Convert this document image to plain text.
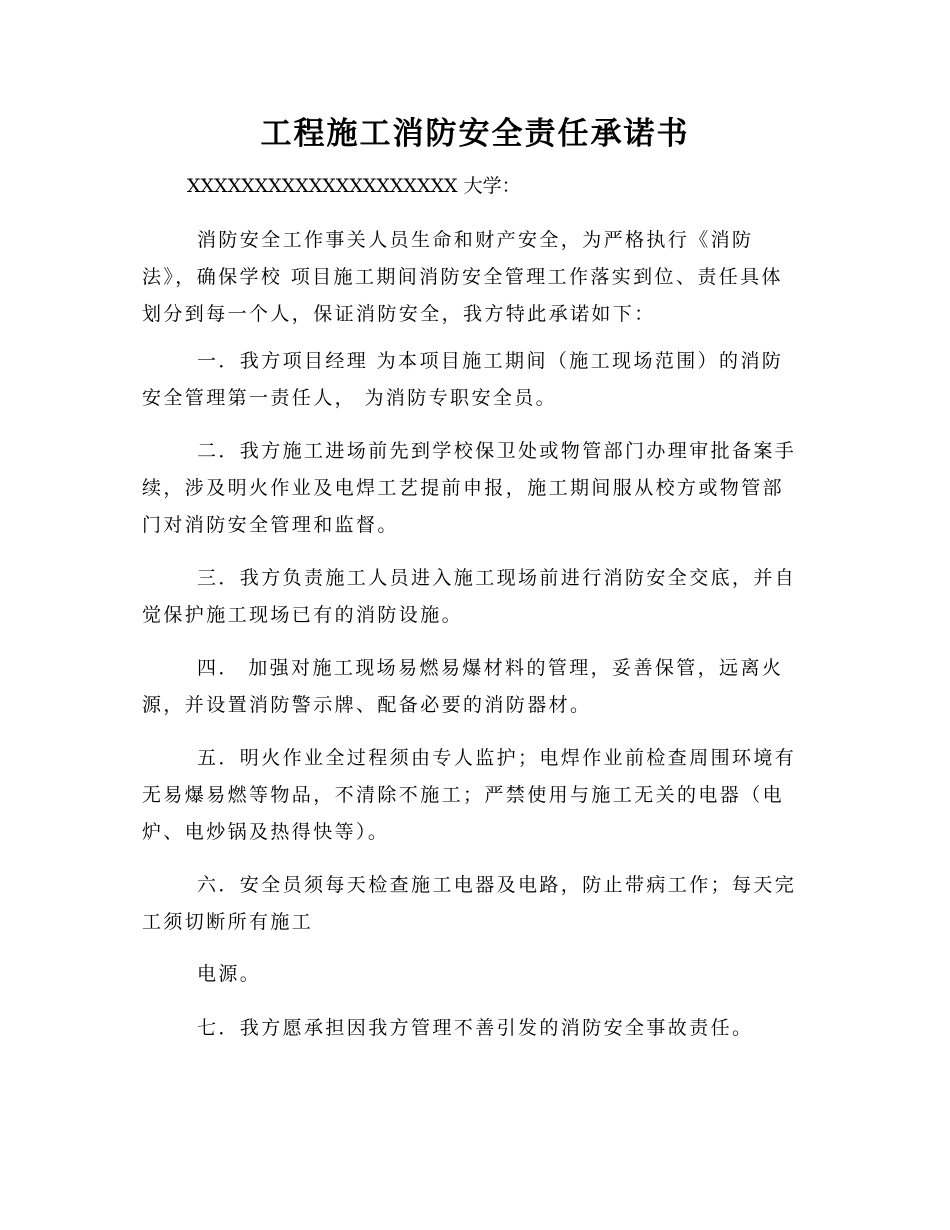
工程施工消防安全责任承诺书
XXXXXXXXXXXXXXXXXXXX 大学：
消防安全工作事关人员生命和财产安全，为严格执行《消防
法》，确保学校 项目施工期间消防安全管理工作落实到位、责任具体
划分到每一个人，保证消防安全，我方特此承诺如下：
一．我方项目经理 为本项目施工期间（施工现场范围）的消防
安全管理第一责任人， 为消防专职安全员。
二．我方施工进场前先到学校保卫处或物管部门办理审批备案手
续，涉及明火作业及电焊工艺提前申报，施工期间服从校方或物管部
门对消防安全管理和监督。
三．我方负责施工人员进入施工现场前进行消防安全交底，并自
觉保护施工现场已有的消防设施。
四． 加强对施工现场易燃易爆材料的管理，妥善保管，远离火
源，并设置消防警示牌、配备必要的消防器材。
五．明火作业全过程须由专人监护；电焊作业前检查周围环境有
无易爆易燃等物品，不清除不施工；严禁使用与施工无关的电器（电
炉、电炒锅及热得快等）。
六．安全员须每天检查施工电器及电路，防止带病工作；每天完
工须切断所有施工
电源。
七．我方愿承担因我方管理不善引发的消防安全事故责任。
